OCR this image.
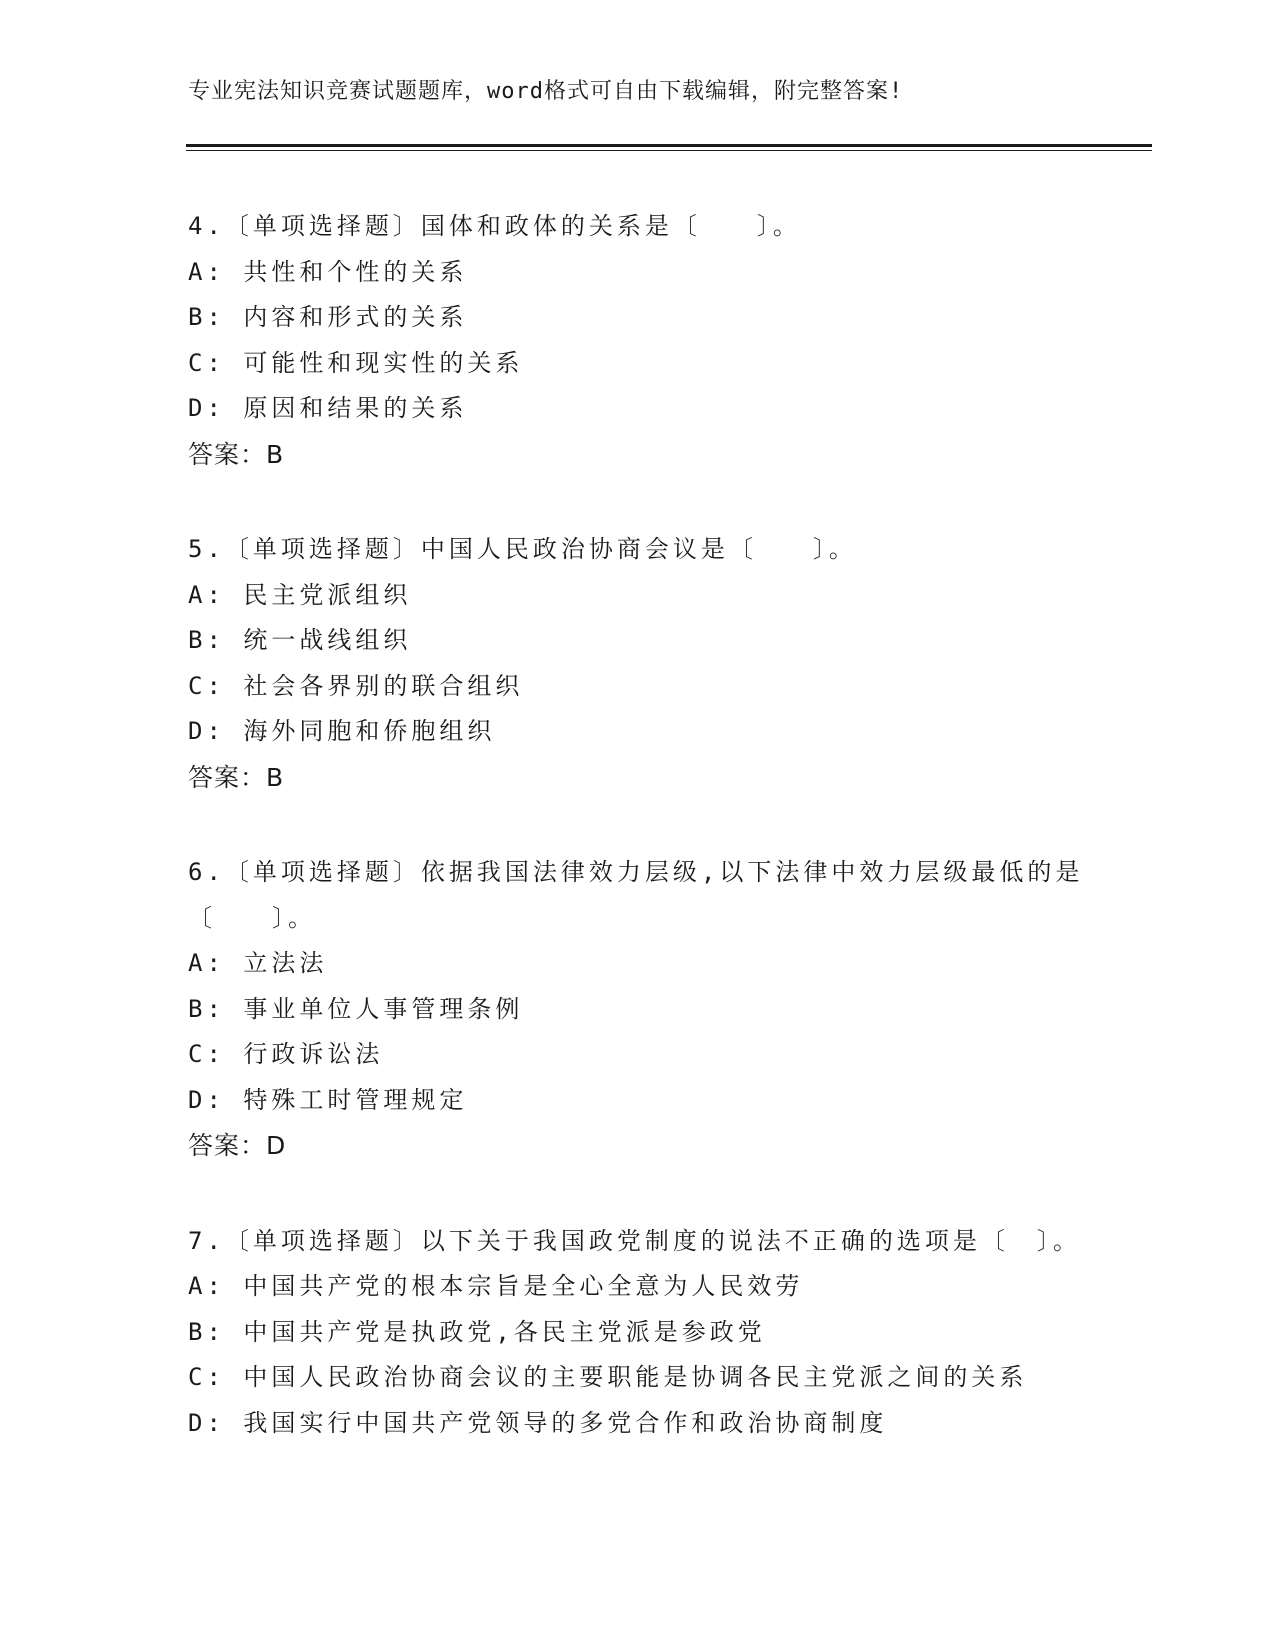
专业宪法知识竞赛试题题库，word格式可自由下载编辑，附完整答案!
4.〔单项选择题〕国体和政体的关系是〔　　〕。
A: 共性和个性的关系
B: 内容和形式的关系
C: 可能性和现实性的关系
D: 原因和结果的关系
答案：B
5.〔单项选择题〕中国人民政治协商会议是〔　　〕。
A: 民主党派组织
B: 统一战线组织
C: 社会各界别的联合组织
D: 海外同胞和侨胞组织
答案：B
6.〔单项选择题〕依据我国法律效力层级,以下法律中效力层级最低的是〔　　〕。
A: 立法法
B: 事业单位人事管理条例
C: 行政诉讼法
D: 特殊工时管理规定
答案：D
7.〔单项选择题〕以下关于我国政党制度的说法不正确的选项是〔　〕。
A: 中国共产党的根本宗旨是全心全意为人民效劳
B: 中国共产党是执政党,各民主党派是参政党
C: 中国人民政治协商会议的主要职能是协调各民主党派之间的关系
D: 我国实行中国共产党领导的多党合作和政治协商制度
